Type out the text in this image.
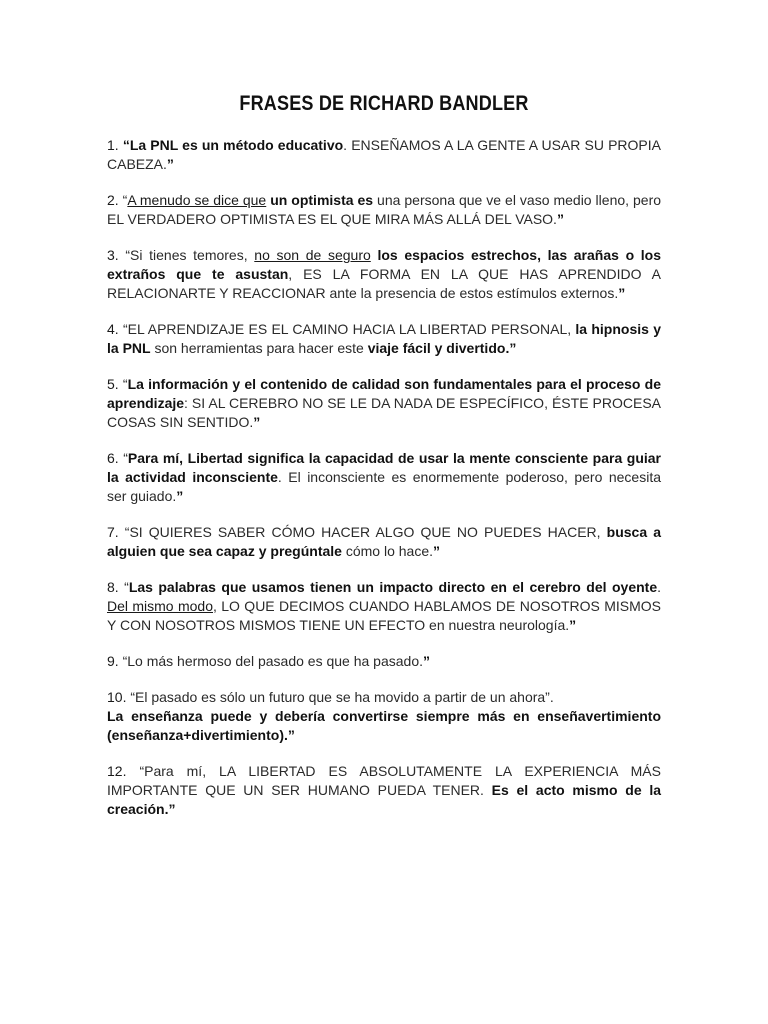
FRASES DE RICHARD BANDLER

1. “La PNL es un método educativo. ENSEÑAMOS A LA GENTE A USAR SU PROPIA CABEZA.”

2. “A menudo se dice que un optimista es una persona que ve el vaso medio lleno, pero EL VERDADERO OPTIMISTA ES EL QUE MIRA MÁS ALLÁ DEL VASO.”

3. “Si tienes temores, no son de seguro los espacios estrechos, las arañas o los extraños que te asustan, ES LA FORMA EN LA QUE HAS APRENDIDO A RELACIONARTE Y REACCIONAR ante la presencia de estos estímulos externos.”

4. “EL APRENDIZAJE ES EL CAMINO HACIA LA LIBERTAD PERSONAL, la hipnosis y la PNL son herramientas para hacer este viaje fácil y divertido.”

5. “La información y el contenido de calidad son fundamentales para el proceso de aprendizaje: SI AL CEREBRO NO SE LE DA NADA DE ESPECÍFICO, ÉSTE PROCESA COSAS SIN SENTIDO.”

6. “Para mí, Libertad significa la capacidad de usar la mente consciente para guiar la actividad inconsciente. El inconsciente es enormemente poderoso, pero necesita ser guiado.”

7. “SI QUIERES SABER CÓMO HACER ALGO QUE NO PUEDES HACER, busca a alguien que sea capaz y pregúntale cómo lo hace.”

8. “Las palabras que usamos tienen un impacto directo en el cerebro del oyente. Del mismo modo, LO QUE DECIMOS CUANDO HABLAMOS DE NOSOTROS MISMOS Y CON NOSOTROS MISMOS TIENE UN EFECTO en nuestra neurología.”

9. “Lo más hermoso del pasado es que ha pasado.”

10. “El pasado es sólo un futuro que se ha movido a partir de un ahora”.
La enseñanza puede y debería convertirse siempre más en enseñavertimiento (enseñanza+divertimiento).”

12. “Para mí, LA LIBERTAD ES ABSOLUTAMENTE LA EXPERIENCIA MÁS IMPORTANTE QUE UN SER HUMANO PUEDA TENER. Es el acto mismo de la creación.”
